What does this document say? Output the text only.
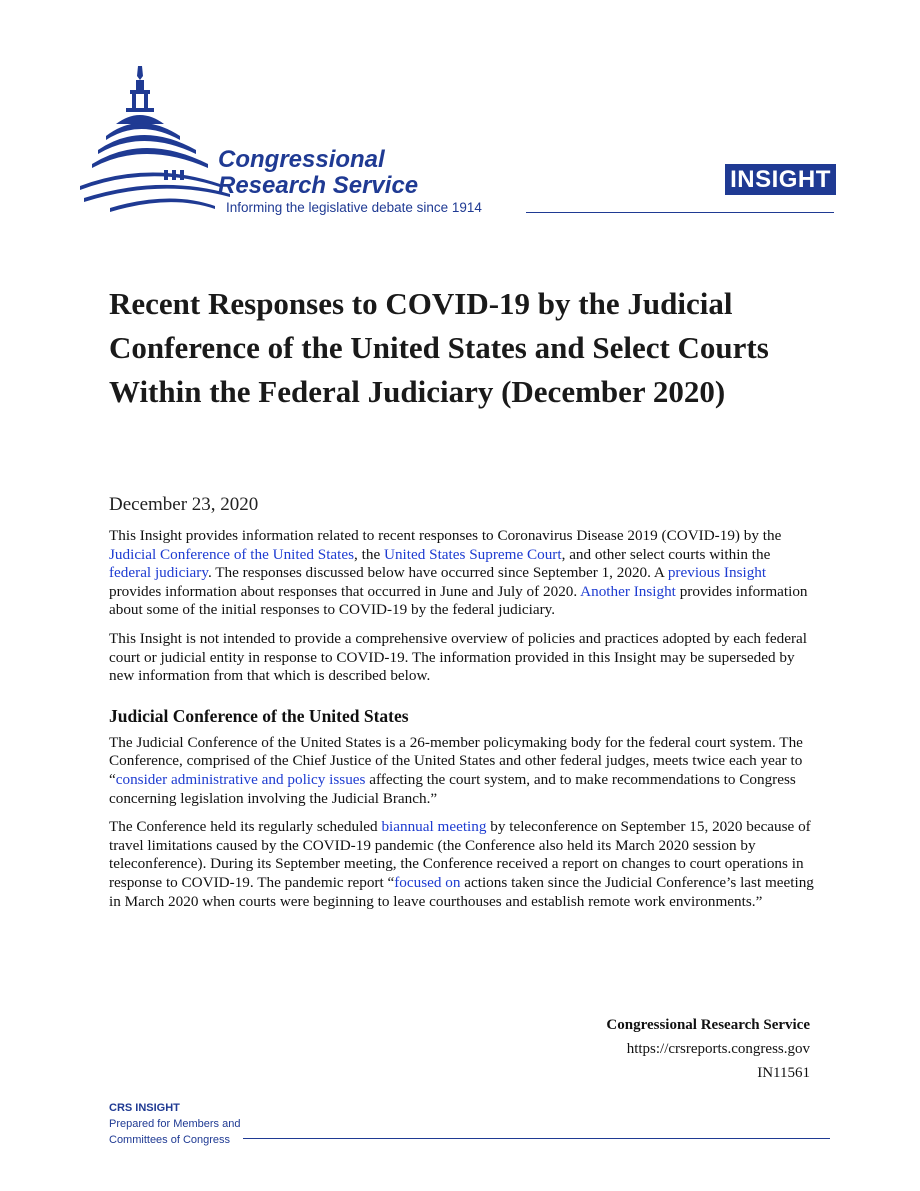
Congressional
Research Service
Informing the legislative debate since 1914
INSIGHT
Recent Responses to COVID-19 by the Judicial Conference of the United States and Select Courts Within the Federal Judiciary (December 2020)
December 23, 2020

This Insight provides information related to recent responses to Coronavirus Disease 2019 (COVID-19) by the Judicial Conference of the United States, the United States Supreme Court, and other select courts within the federal judiciary. The responses discussed below have occurred since September 1, 2020. A previous Insight provides information about responses that occurred in June and July of 2020. Another Insight provides information about some of the initial responses to COVID-19 by the federal judiciary.

This Insight is not intended to provide a comprehensive overview of policies and practices adopted by each federal court or judicial entity in response to COVID-19. The information provided in this Insight may be superseded by new information from that which is described below.

Judicial Conference of the United States

The Judicial Conference of the United States is a 26-member policymaking body for the federal court system. The Conference, comprised of the Chief Justice of the United States and other federal judges, meets twice each year to “consider administrative and policy issues affecting the court system, and to make recommendations to Congress concerning legislation involving the Judicial Branch.”

The Conference held its regularly scheduled biannual meeting by teleconference on September 15, 2020 because of travel limitations caused by the COVID-19 pandemic (the Conference also held its March 2020 session by teleconference). During its September meeting, the Conference received a report on changes to court operations in response to COVID-19. The pandemic report “focused on actions taken since the Judicial Conference’s last meeting in March 2020 when courts were beginning to leave courthouses and establish remote work environments.”

Congressional Research Service
https://crsreports.congress.gov
IN11561
CRS INSIGHT
Prepared for Members and
Committees of Congress
